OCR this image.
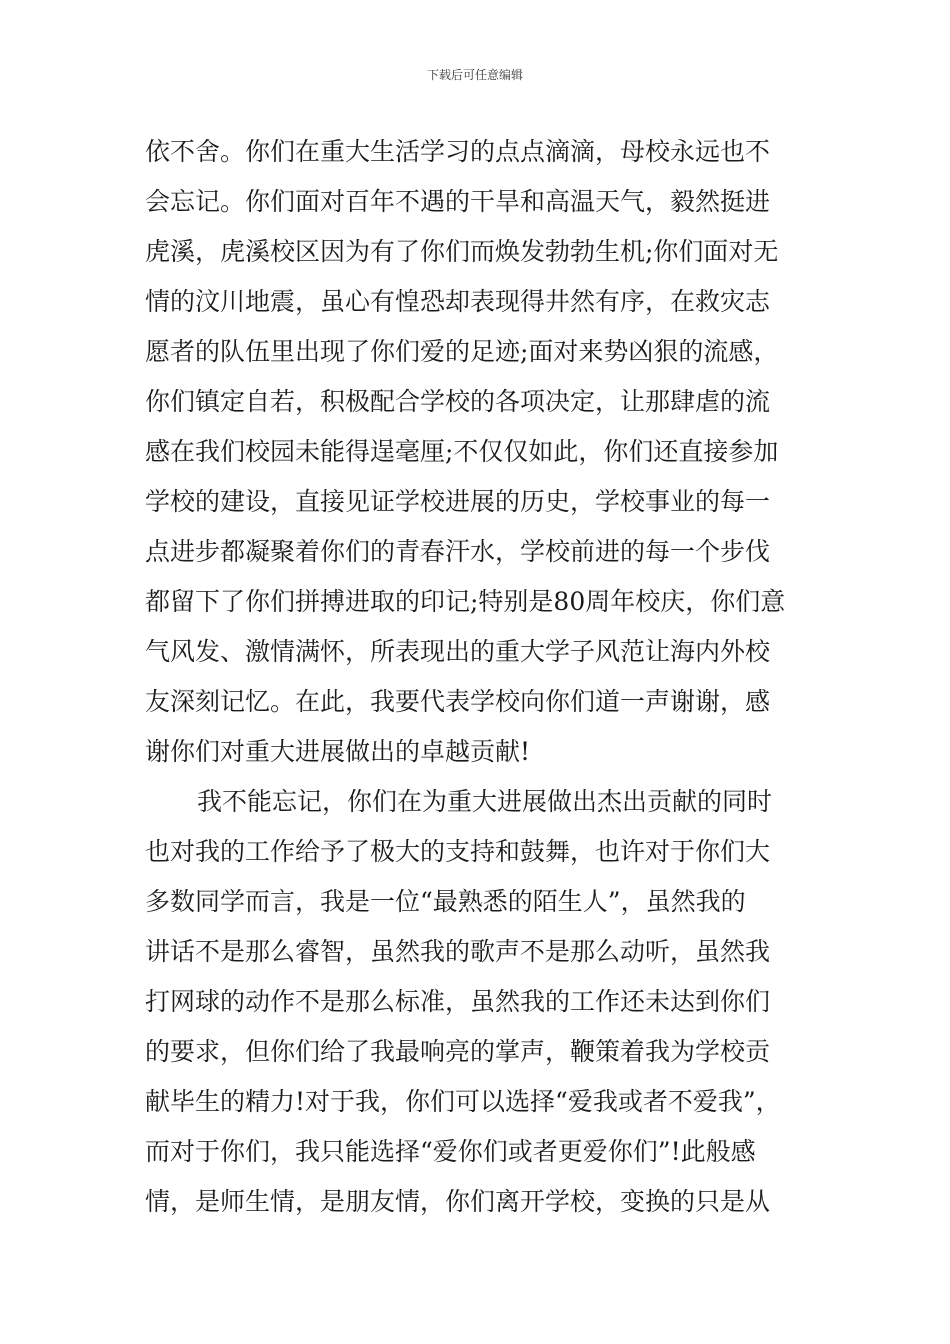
下载后可任意编辑
依不舍。你们在重大生活学习的点点滴滴，母校永远也不
会忘记。你们面对百年不遇的干旱和高温天气，毅然挺进
虎溪，虎溪校区因为有了你们而焕发勃勃生机;你们面对无
情的汶川地震，虽心有惶恐却表现得井然有序，在救灾志
愿者的队伍里出现了你们爱的足迹;面对来势凶狠的流感，
你们镇定自若，积极配合学校的各项决定，让那肆虐的流
感在我们校园未能得逞毫厘;不仅仅如此，你们还直接参加
学校的建设，直接见证学校进展的历史，学校事业的每一
点进步都凝聚着你们的青春汗水，学校前进的每一个步伐
都留下了你们拼搏进取的印记;特别是80周年校庆，你们意
气风发、激情满怀，所表现出的重大学子风范让海内外校
友深刻记忆。在此，我要代表学校向你们道一声谢谢，感
谢你们对重大进展做出的卓越贡献!
我不能忘记，你们在为重大进展做出杰出贡献的同时
也对我的工作给予了极大的支持和鼓舞，也许对于你们大
多数同学而言，我是一位“最熟悉的陌生人”，虽然我的
讲话不是那么睿智，虽然我的歌声不是那么动听，虽然我
打网球的动作不是那么标准，虽然我的工作还未达到你们
的要求，但你们给了我最响亮的掌声，鞭策着我为学校贡
献毕生的精力!对于我，你们可以选择“爱我或者不爱我”，
而对于你们，我只能选择“爱你们或者更爱你们”!此般感
情，是师生情，是朋友情，你们离开学校，变换的只是从
